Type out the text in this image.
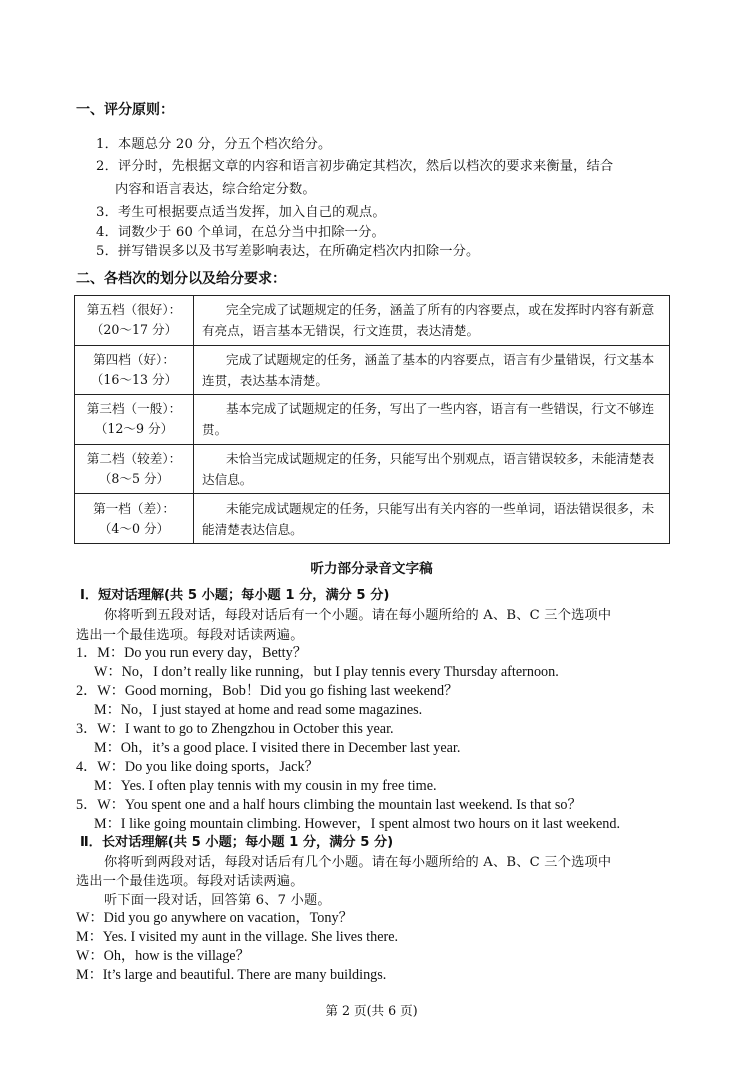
一、评分原则：
1．本题总分 20 分，分五个档次给分。
2．评分时，先根据文章的内容和语言初步确定其档次，然后以档次的要求来衡量，结合
内容和语言表达，综合给定分数。
3．考生可根据要点适当发挥，加入自己的观点。
4．词数少于 60 个单词，在总分当中扣除一分。
5．拼写错误多以及书写差影响表达，在所确定档次内扣除一分。
二、各档次的划分以及给分要求：
第五档（很好）：
（20～17 分）	完全完成了试题规定的任务，涵盖了所有的内容要点，或在发挥时内容有新意有亮点，语言基本无错误，行文连贯，表达清楚。

第四档（好）：
（16～13 分）	完成了试题规定的任务，涵盖了基本的内容要点，语言有少量错误，行文基本连贯，表达基本清楚。

第三档（一般）：
（12～9 分）	基本完成了试题规定的任务，写出了一些内容，语言有一些错误，行文不够连贯。

第二档（较差）：
（8～5 分）	未恰当完成试题规定的任务，只能写出个别观点，语言错误较多，未能清楚表达信息。

第一档（差）：
（4～0 分）	未能完成试题规定的任务，只能写出有关内容的一些单词，语法错误很多，未能清楚表达信息。
听力部分录音文字稿
Ⅰ．短对话理解(共 5 小题；每小题 1 分，满分 5 分)
你将听到五段对话，每段对话后有一个小题。请在每小题所给的 A、B、C 三个选项中
选出一个最佳选项。每段对话读两遍。
1．M：Do you run every day，Betty？
W：No，I don’t really like running，but I play tennis every Thursday afternoon.
2．W：Good morning，Bob！Did you go fishing last weekend？
M：No，I just stayed at home and read some magazines.
3．W：I want to go to Zhengzhou in October this year.
M：Oh，it’s a good place. I visited there in December last year.
4．W：Do you like doing sports，Jack？
M：Yes. I often play tennis with my cousin in my free time.
5．W：You spent one and a half hours climbing the mountain last weekend. Is that so？
M：I like going mountain climbing. However，I spent almost two hours on it last weekend.
Ⅱ．长对话理解(共 5 小题；每小题 1 分，满分 5 分)
你将听到两段对话，每段对话后有几个小题。请在每小题所给的 A、B、C 三个选项中
选出一个最佳选项。每段对话读两遍。
听下面一段对话，回答第 6、7 小题。
W：Did you go anywhere on vacation，Tony？
M：Yes. I visited my aunt in the village. She lives there.
W：Oh，how is the village？
M：It’s large and beautiful. There are many buildings.
第 2 页(共 6 页)
